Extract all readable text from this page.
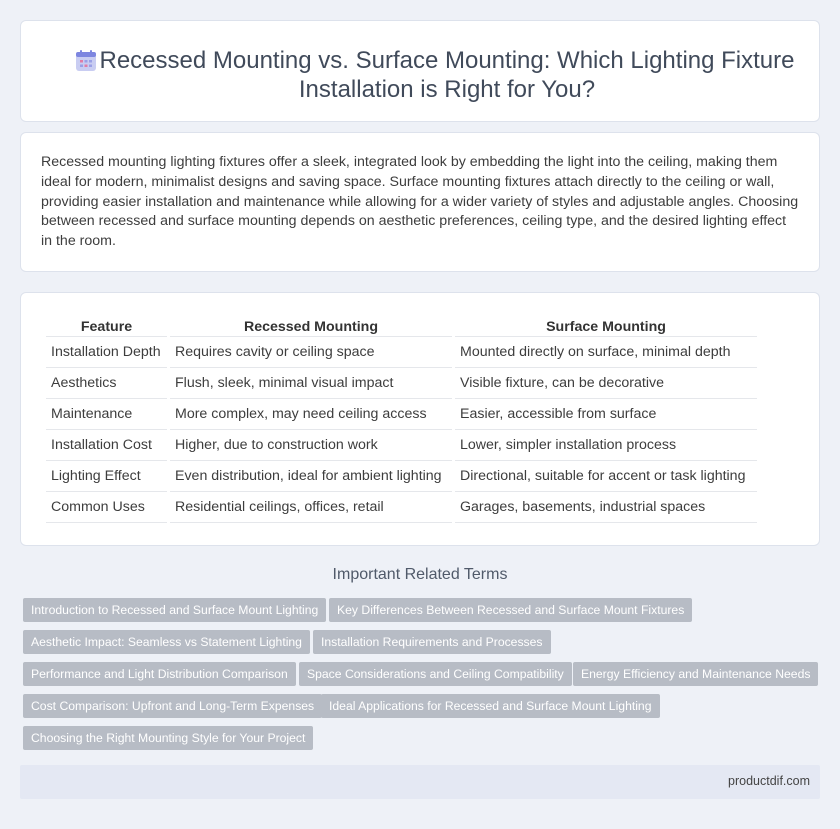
Recessed Mounting vs. Surface Mounting: Which Lighting Fixture Installation is Right for You?

Recessed mounting lighting fixtures offer a sleek, integrated look by embedding the light into the ceiling, making them ideal for modern, minimalist designs and saving space. Surface mounting fixtures attach directly to the ceiling or wall, providing easier installation and maintenance while allowing for a wider variety of styles and adjustable angles. Choosing between recessed and surface mounting depends on aesthetic preferences, ceiling type, and the desired lighting effect in the room.

Feature	Recessed Mounting	Surface Mounting
Installation Depth	Requires cavity or ceiling space	Mounted directly on surface, minimal depth
Aesthetics	Flush, sleek, minimal visual impact	Visible fixture, can be decorative
Maintenance	More complex, may need ceiling access	Easier, accessible from surface
Installation Cost	Higher, due to construction work	Lower, simpler installation process
Lighting Effect	Even distribution, ideal for ambient lighting	Directional, suitable for accent or task lighting
Common Uses	Residential ceilings, offices, retail	Garages, basements, industrial spaces
Important Related Terms
Introduction to Recessed and Surface Mount Lighting	Key Differences Between Recessed and Surface Mount Fixtures
Aesthetic Impact: Seamless vs Statement Lighting	Installation Requirements and Processes
Performance and Light Distribution Comparison	Space Considerations and Ceiling Compatibility	Energy Efficiency and Maintenance Needs
Cost Comparison: Upfront and Long-Term Expenses	Ideal Applications for Recessed and Surface Mount Lighting
Choosing the Right Mounting Style for Your Project
productdif.com
